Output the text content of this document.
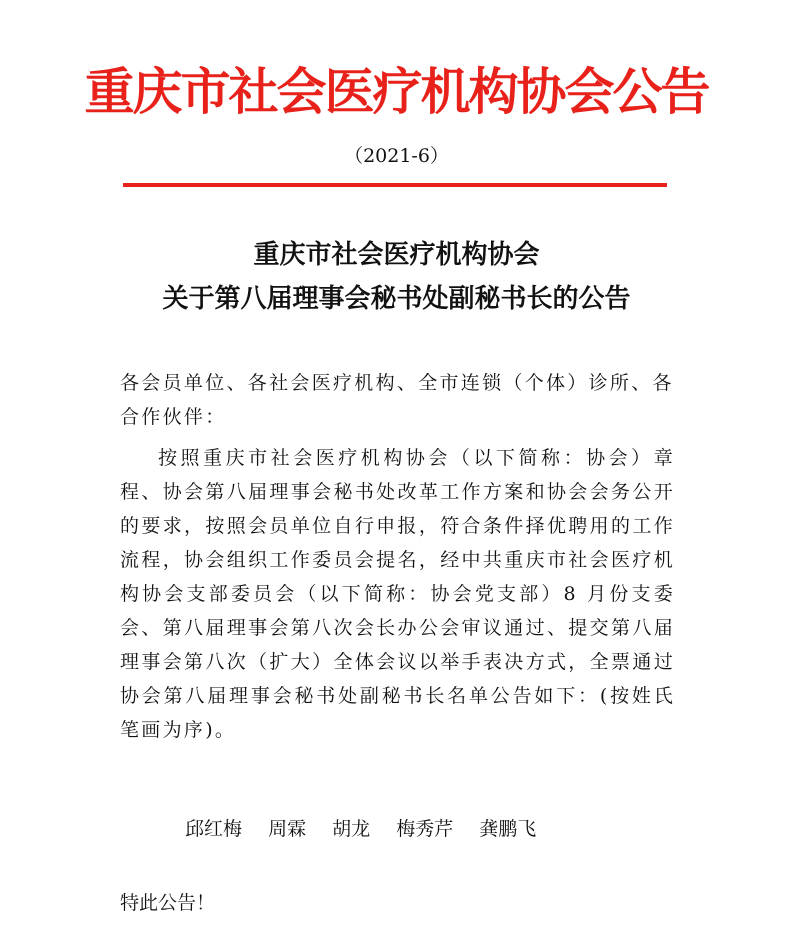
重庆市社会医疗机构协会公告
（2021-6）
重庆市社会医疗机构协会
关于第八届理事会秘书处副秘书长的公告

各会员单位、各社会医疗机构、全市连锁（个体）诊所、各合作伙伴：

按照重庆市社会医疗机构协会（以下简称：协会）章程、协会第八届理事会秘书处改革工作方案和协会会务公开的要求，按照会员单位自行申报，符合条件择优聘用的工作流程，协会组织工作委员会提名，经中共重庆市社会医疗机构协会支部委员会（以下简称：协会党支部）8 月份支委会、第八届理事会第八次会长办公会审议通过、提交第八届理事会第八次（扩大）全体会议以举手表决方式，全票通过协会第八届理事会秘书处副秘书长名单公告如下：(按姓氏笔画为序)。

邱红梅 周霖 胡龙 梅秀芹 龚鹏飞
特此公告！
